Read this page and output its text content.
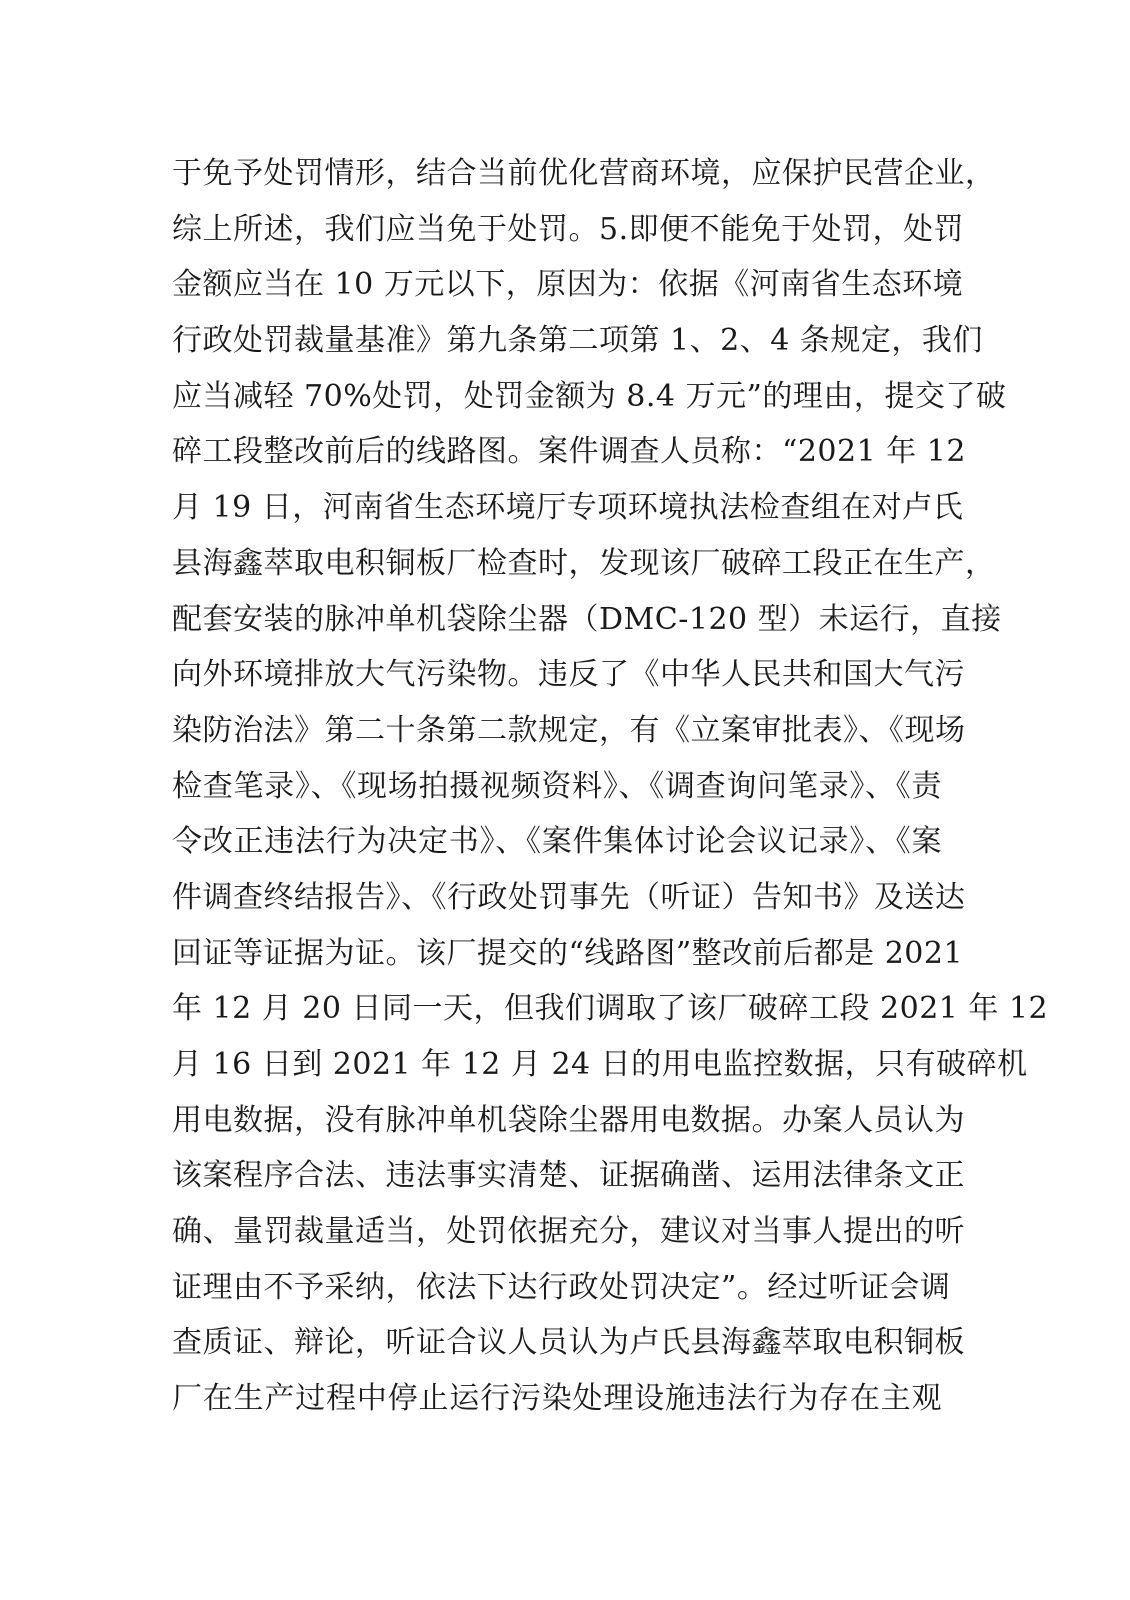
于免予处罚情形，结合当前优化营商环境，应保护民营企业，
综上所述，我们应当免于处罚。5.即便不能免于处罚，处罚
金额应当在 10 万元以下，原因为：依据《河南省生态环境
行政处罚裁量基准》第九条第二项第 1、2、4 条规定，我们
应当减轻 70%处罚，处罚金额为 8.4 万元”的理由，提交了破
碎工段整改前后的线路图。案件调查人员称：“2021 年 12
月 19 日，河南省生态环境厅专项环境执法检查组在对卢氏
县海鑫萃取电积铜板厂检查时，发现该厂破碎工段正在生产，
配套安装的脉冲单机袋除尘器（DMC-120 型）未运行，直接
向外环境排放大气污染物。违反了《中华人民共和国大气污
染防治法》第二十条第二款规定，有《立案审批表》、《现场
检查笔录》、《现场拍摄视频资料》、《调查询问笔录》、《责
令改正违法行为决定书》、《案件集体讨论会议记录》、《案
件调查终结报告》、《行政处罚事先（听证）告知书》及送达
回证等证据为证。该厂提交的“线路图”整改前后都是 2021
年 12 月 20 日同一天，但我们调取了该厂破碎工段 2021 年 12
月 16 日到 2021 年 12 月 24 日的用电监控数据，只有破碎机
用电数据，没有脉冲单机袋除尘器用电数据。办案人员认为
该案程序合法、违法事实清楚、证据确凿、运用法律条文正
确、量罚裁量适当，处罚依据充分，建议对当事人提出的听
证理由不予采纳，依法下达行政处罚决定”。经过听证会调
查质证、辩论，听证合议人员认为卢氏县海鑫萃取电积铜板
厂在生产过程中停止运行污染处理设施违法行为存在主观
